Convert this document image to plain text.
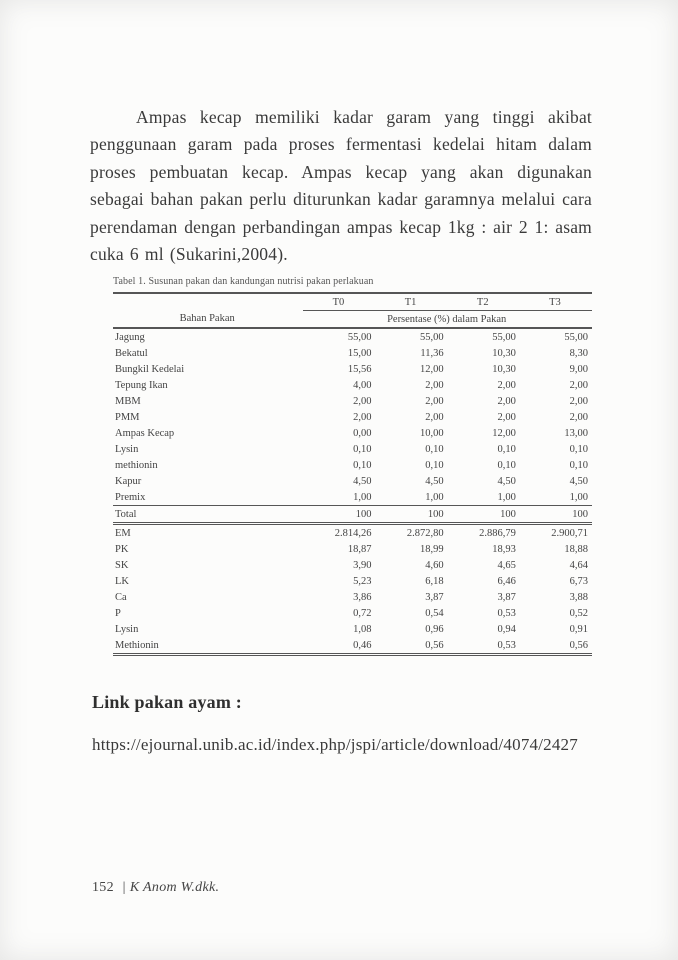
Ampas kecap memiliki kadar garam yang tinggi akibat penggunaan garam pada proses fermentasi kedelai hitam dalam proses pembuatan kecap. Ampas kecap yang akan digunakan sebagai bahan pakan perlu diturunkan kadar garamnya melalui cara perendaman dengan perbandingan ampas kecap 1kg : air 2 1: asam cuka 6 ml (Sukarini,2004).

Tabel 1. Susunan pakan dan kandungan nutrisi pakan perlakuan
	T0	T1	T2	T3
Bahan Pakan	Persentase (%) dalam Pakan			
Jagung	55,00	55,00	55,00	55,00
Bekatul	15,00	11,36	10,30	8,30
Bungkil Kedelai	15,56	12,00	10,30	9,00
Tepung Ikan	4,00	2,00	2,00	2,00
MBM	2,00	2,00	2,00	2,00
PMM	2,00	2,00	2,00	2,00
Ampas Kecap	0,00	10,00	12,00	13,00
Lysin	0,10	0,10	0,10	0,10
methionin	0,10	0,10	0,10	0,10
Kapur	4,50	4,50	4,50	4,50
Premix	1,00	1,00	1,00	1,00
Total	100	100	100	100
EM	2.814,26	2.872,80	2.886,79	2.900,71
PK	18,87	18,99	18,93	18,88
SK	3,90	4,60	4,65	4,64
LK	5,23	6,18	6,46	6,73
Ca	3,86	3,87	3,87	3,88
P	0,72	0,54	0,53	0,52
Lysin	1,08	0,96	0,94	0,91
Methionin	0,46	0,56	0,53	0,56
Link pakan ayam :
https://ejournal.unib.ac.id/index.php/jspi/article/download/4074/2427
152 | K Anom W.dkk.
